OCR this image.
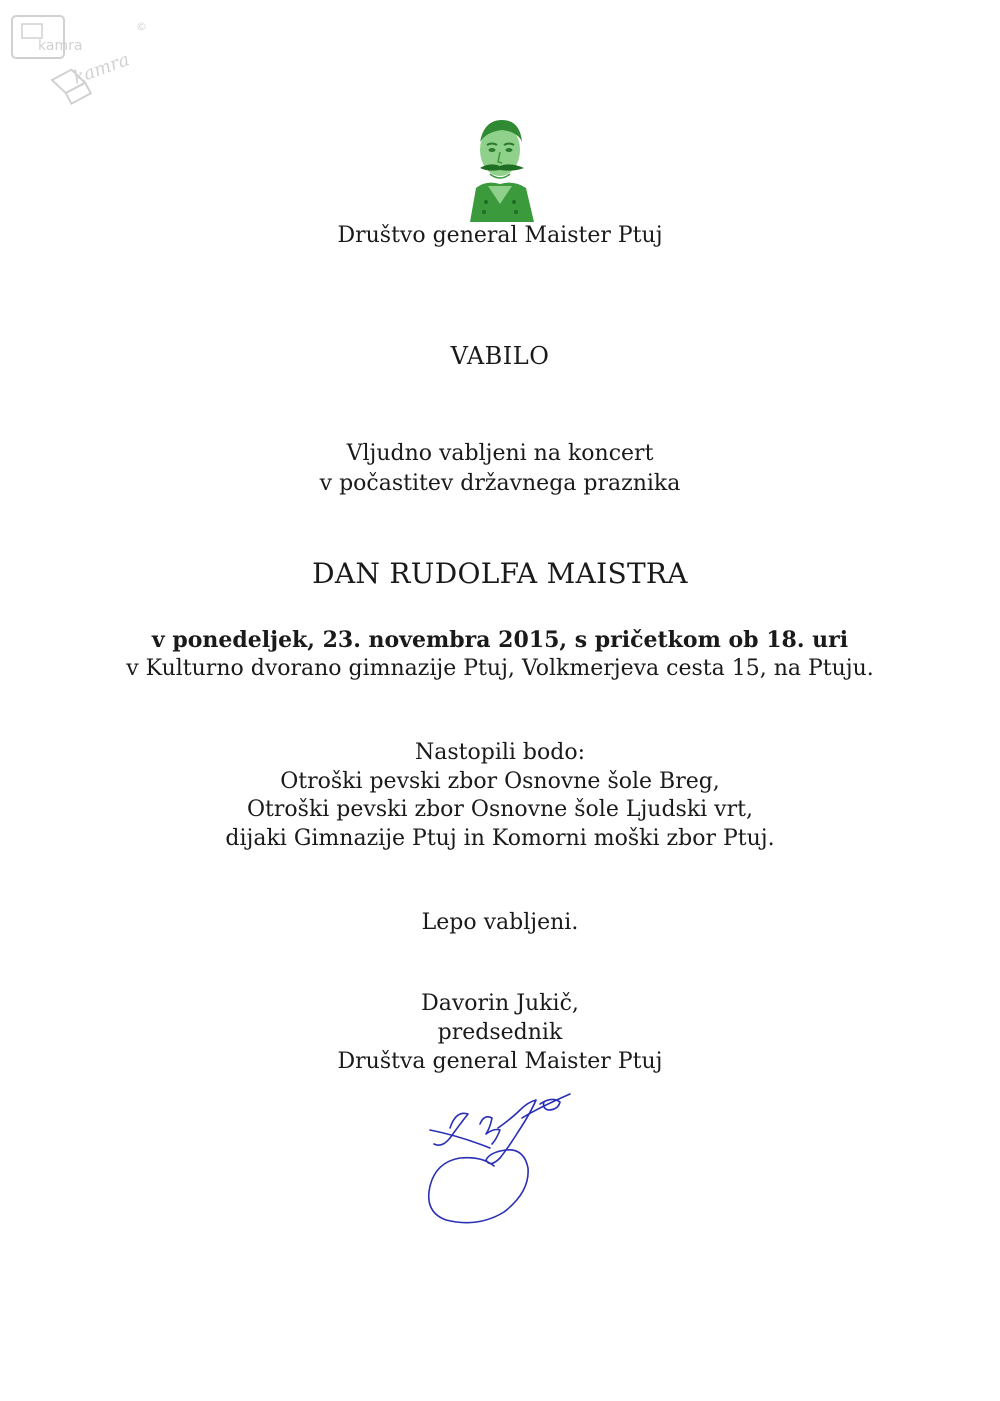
kamra
kamra
©
Društvo general Maister Ptuj
VABILO
Vljudno vabljeni na koncert
v počastitev državnega praznika
DAN RUDOLFA MAISTRA
v ponedeljek, 23. novembra 2015, s pričetkom ob 18. uri
v Kulturno dvorano gimnazije Ptuj, Volkmerjeva cesta 15, na Ptuju.
Nastopili bodo:
Otroški pevski zbor Osnovne šole Breg,
Otroški pevski zbor Osnovne šole Ljudski vrt,
dijaki Gimnazije Ptuj in Komorni moški zbor Ptuj.
Lepo vabljeni.
Davorin Jukič,
predsednik
Društva general Maister Ptuj
